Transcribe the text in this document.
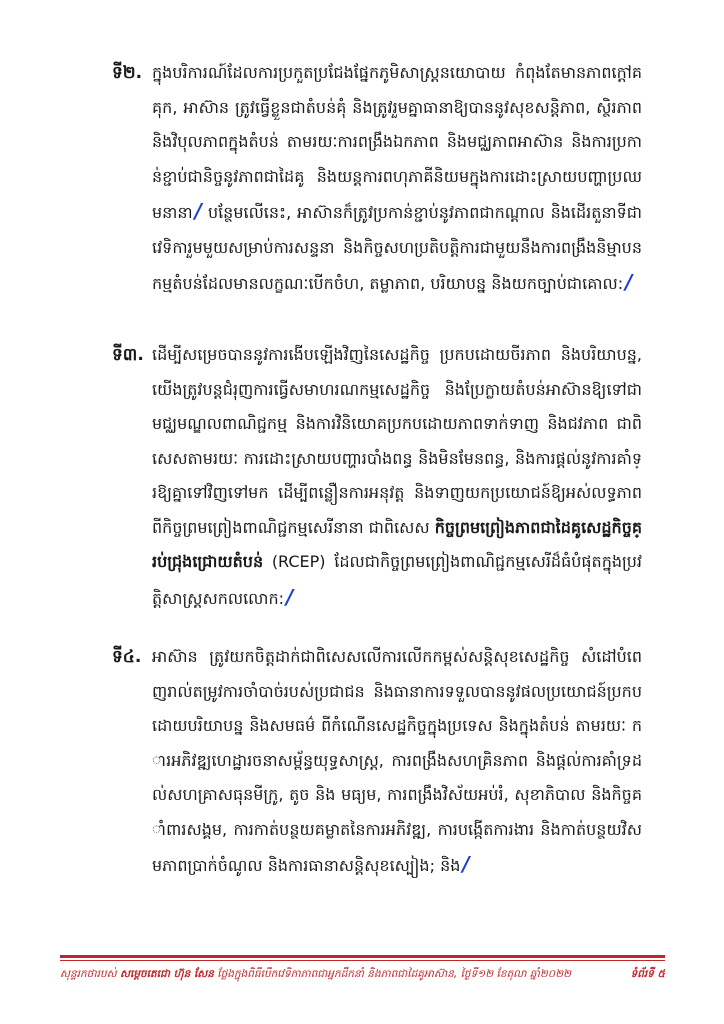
ទី២. ក្នុងបរិការណ៍ដែលការប្រកួតប្រជែងផ្នែកភូមិសាស្ត្រនយោបាយ កំពុងតែមានភាពក្តៅគគុក, អាស៊ាន ត្រូវធ្វើខ្លួនជាតំបន់គុំ និងត្រូវរួមគ្នាធានាឱ្យបាននូវសុខសន្តិភាព, ស្ថិរភាព និងវិបុលភាពក្នុងតំបន់ តាមរយៈការពង្រឹងឯកភាព និងមជ្ឈភាពអាស៊ាន និងការប្រកាន់ខ្ជាប់ជានិច្ចនូវភាពជាដៃគូ និងយន្តការពហុភាគីនិយមក្នុងការដោះស្រាយបញ្ហាប្រឈមនានា / បន្ថែមលើនេះ, អាស៊ានក៏ត្រូវប្រកាន់ខ្ជាប់នូវភាពជាកណ្តាល និងដើរតួនាទីជាវេទិការួមមួយសម្រាប់ការសន្ទនា និងកិច្ចសហប្រតិបត្តិការជាមួយនឹងការពង្រឹងនិម្មាបនកម្មតំបន់ដែលមានលក្ខណៈបើកចំហ, តម្លាភាព, បរិយាបន្ន និងយកច្បាប់ជាគោល: /
ទី៣. ដើម្បីសម្រេចបាននូវការងើបឡើងវិញនៃសេដ្ឋកិច្ច ប្រកបដោយចីរភាព និងបរិយាបន្ន, យើងត្រូវបន្តជំរុញការធ្វើសមាហរណកម្មសេដ្ឋកិច្ច និងប្រែក្លាយតំបន់អាស៊ានឱ្យទៅជាមជ្ឈមណ្ឌលពាណិជ្ជកម្ម និងការវិនិយោគប្រកបដោយភាពទាក់ទាញ និងជវភាព ជាពិសេសតាមរយៈ ការដោះស្រាយបញ្ហារបាំងពន្ធ និងមិនមែនពន្ធ, និងការផ្តល់នូវការគាំទ្រឱ្យគ្នាទៅវិញទៅមក ដើម្បីពន្លឿនការអនុវត្ត និងទាញយកប្រយោជន៍ឱ្យអស់លទ្ធភាពពីកិច្ចព្រមព្រៀងពាណិជ្ជកម្មសេរីនានា ជាពិសេស កិច្ចព្រមព្រៀងភាពជាដៃគូសេដ្ឋកិច្ចគ្រប់ជ្រុងជ្រោយតំបន់ (RCEP) ដែលជាកិច្ចព្រមព្រៀងពាណិជ្ជកម្មសេរីដ៏ធំបំផុតក្នុងប្រវត្តិសាស្ត្រសកលលោក: /
ទី៤. អាស៊ាន ត្រូវយកចិត្តដាក់ជាពិសេសលើការលើកកម្ពស់សន្តិសុខសេដ្ឋកិច្ច សំដៅបំពេញរាល់តម្រូវការចាំបាច់របស់ប្រជាជន និងធានាការទទួលបាននូវផលប្រយោជន៍ប្រកបដោយបរិយាបន្ន និងសមធម៌ ពីកំណើនសេដ្ឋកិច្ចក្នុងប្រទេស និងក្នុងតំបន់ តាមរយៈ ការអភិវឌ្ឍហេដ្ឋារចនាសម្ព័ន្ធយុទ្ធសាស្ត្រ, ការពង្រឹងសហគ្រិនភាព និងផ្តល់ការគាំទ្រដល់សហគ្រាសធុនមីក្រូ, តូច និង មធ្យម, ការពង្រឹងវិស័យអប់រំ, សុខាភិបាល និងកិច្ចគាំពារសង្គម, ការកាត់បន្ថយគម្លាតនៃការអភិវឌ្ឍ, ការបង្កើតការងារ និងកាត់បន្ថយវិសមភាពប្រាក់ចំណូល និងការធានាសន្តិសុខស្បៀង; និង /
សុន្ទរកថារបស់ សម្ដេចតេជោ ហ៊ុន សែន ថ្លែងក្នុងពិធីបើកវេទិកាភាពជាអ្នកដឹកនាំ និងភាពជាដៃគូអាស៊ាន, ថ្ងៃទី១២ ខែតុលា ឆ្នាំ២០២២	ទំព័រទី ៥
